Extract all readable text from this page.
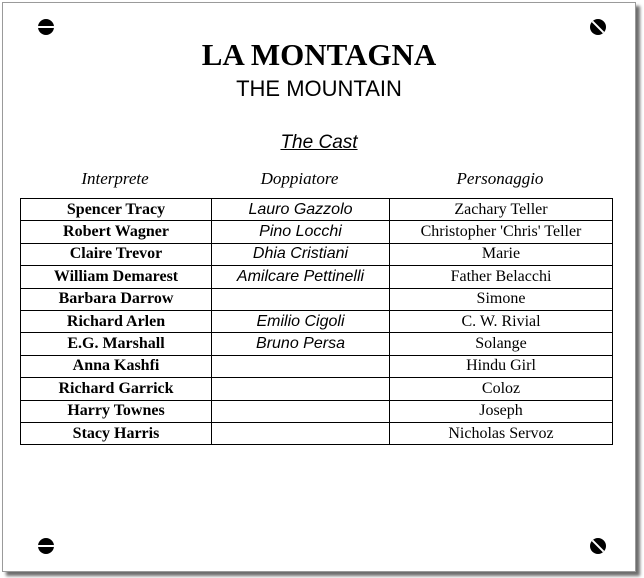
LA MONTAGNA
THE MOUNTAIN
The Cast
Interprete	Doppiatore	Personaggio
Spencer Tracy	Lauro Gazzolo	Zachary Teller
Robert Wagner	Pino Locchi	Christopher 'Chris' Teller
Claire Trevor	Dhia Cristiani	Marie
William Demarest	Amilcare Pettinelli	Father Belacchi
Barbara Darrow		Simone
Richard Arlen	Emilio Cigoli	C. W. Rivial
E.G. Marshall	Bruno Persa	Solange
Anna Kashfi		Hindu Girl
Richard Garrick		Coloz
Harry Townes		Joseph
Stacy Harris		Nicholas Servoz
